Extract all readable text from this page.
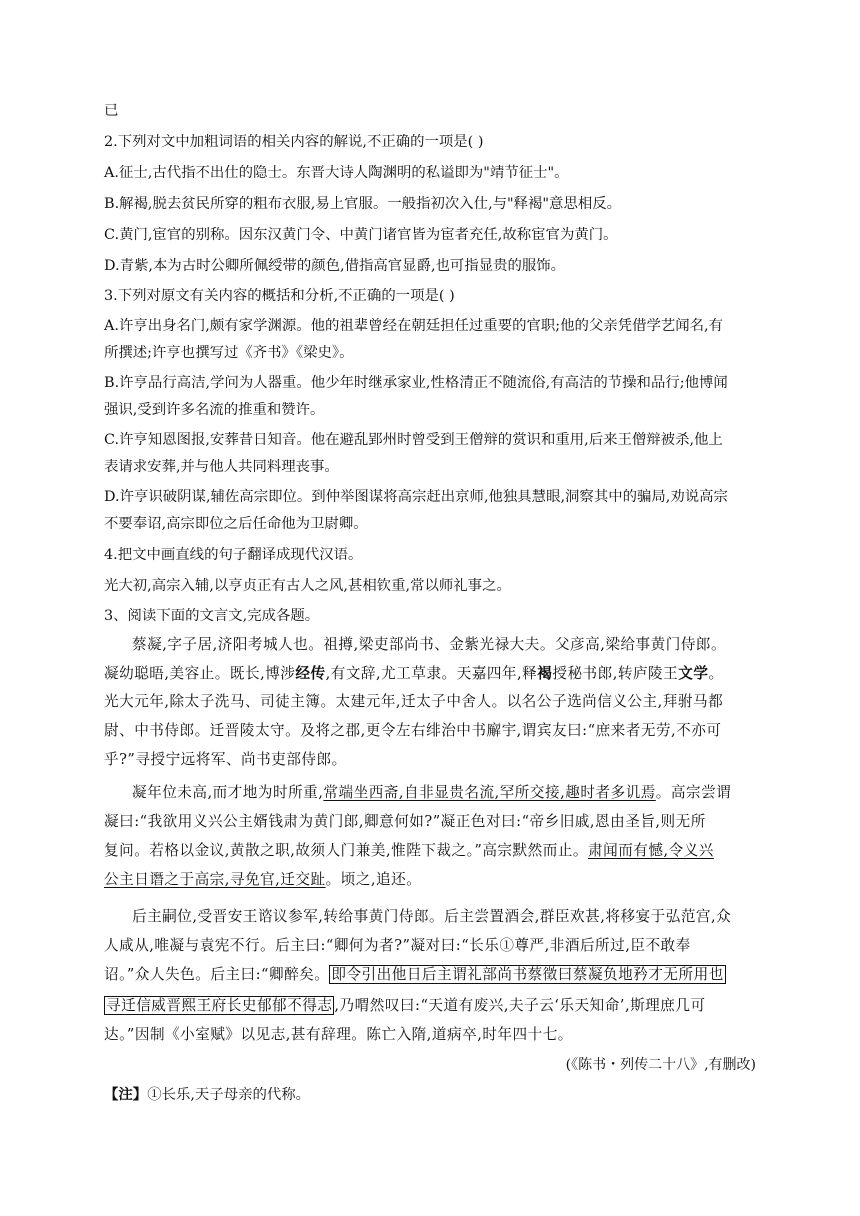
已
2.下列对文中加粗词语的相关内容的解说,不正确的一项是( )
A.征士,古代指不出仕的隐士。东晋大诗人陶渊明的私谥即为"靖节征士"。
B.解褐,脱去贫民所穿的粗布衣服,易上官服。一般指初次入仕,与"释褐"意思相反。
C.黄门,宦官的别称。因东汉黄门令、中黄门诸官皆为宦者充任,故称宦官为黄门。
D.青紫,本为古时公卿所佩绶带的颜色,借指高官显爵,也可指显贵的服饰。
3.下列对原文有关内容的概括和分析,不正确的一项是( )
A.许亨出身名门,颇有家学渊源。他的祖辈曾经在朝廷担任过重要的官职;他的父亲凭借学艺闻名,有
所撰述;许亨也撰写过《齐书》《梁史》。
B.许亨品行高洁,学问为人器重。他少年时继承家业,性格清正不随流俗,有高洁的节操和品行;他博闻
强识,受到许多名流的推重和赞许。
C.许亨知恩图报,安葬昔日知音。他在避乱郢州时曾受到王僧辩的赏识和重用,后来王僧辩被杀,他上
表请求安葬,并与他人共同料理丧事。
D.许亨识破阴谋,辅佐高宗即位。到仲举图谋将高宗赶出京师,他独具慧眼,洞察其中的骗局,劝说高宗
不要奉诏,高宗即位之后任命他为卫尉卿。
4.把文中画直线的句子翻译成现代汉语。
光大初,高宗入辅,以亨贞正有古人之风,甚相钦重,常以师礼事之。
3、阅读下面的文言文,完成各题。
蔡凝,字子居,济阳考城人也。祖撙,梁吏部尚书、金紫光禄大夫。父彦高,梁给事黄门侍郎。
凝幼聪晤,美容止。既长,博涉经传,有文辞,尤工草隶。天嘉四年,释褐授秘书郎,转庐陵王文学。
光大元年,除太子洗马、司徒主簿。太建元年,迁太子中舍人。以名公子选尚信义公主,拜驸马都
尉、中书侍郎。迁晋陵太守。及将之郡,更令左右绯治中书廨宇,谓宾友曰:“庶来者无劳,不亦可
乎?”寻授宁远将军、尚书吏部侍郎。
凝年位未高,而才地为时所重,常端坐西斋,自非显贵名流,罕所交接,趣时者多讥焉。高宗尝谓
凝曰:“我欲用义兴公主婿钱肃为黄门郎,卿意何如?”凝正色对曰:“帝乡旧戚,恩由圣旨,则无所
复问。若格以金议,黄散之职,故须人门兼美,惟陛下裁之。”高宗默然而止。肃闻而有憾,令义兴
公主日谮之于高宗,寻免官,迁交趾。顷之,追还。
后主嗣位,受晋安王谘议参军,转给事黄门侍郎。后主尝置酒会,群臣欢甚,将移宴于弘范宫,众
人咸从,唯凝与袁宪不行。后主曰:“卿何为者?”凝对曰:“长乐①尊严,非酒后所过,臣不敢奉
诏。”众人失色。后主曰:“卿醉矣。 即令引出他日后主谓礼部尚书蔡徵曰蔡凝负地矜才无所用也
寻迁信威晋熙王府长史郁郁不得志 ,乃喟然叹曰:“天道有废兴,夫子云‘乐天知命’,斯理庶几可
达。”因制《小室赋》以见志,甚有辞理。陈亡入隋,道病卒,时年四十七。
(《陈书・列传二十八》,有删改)
【注】①长乐,天子母亲的代称。
